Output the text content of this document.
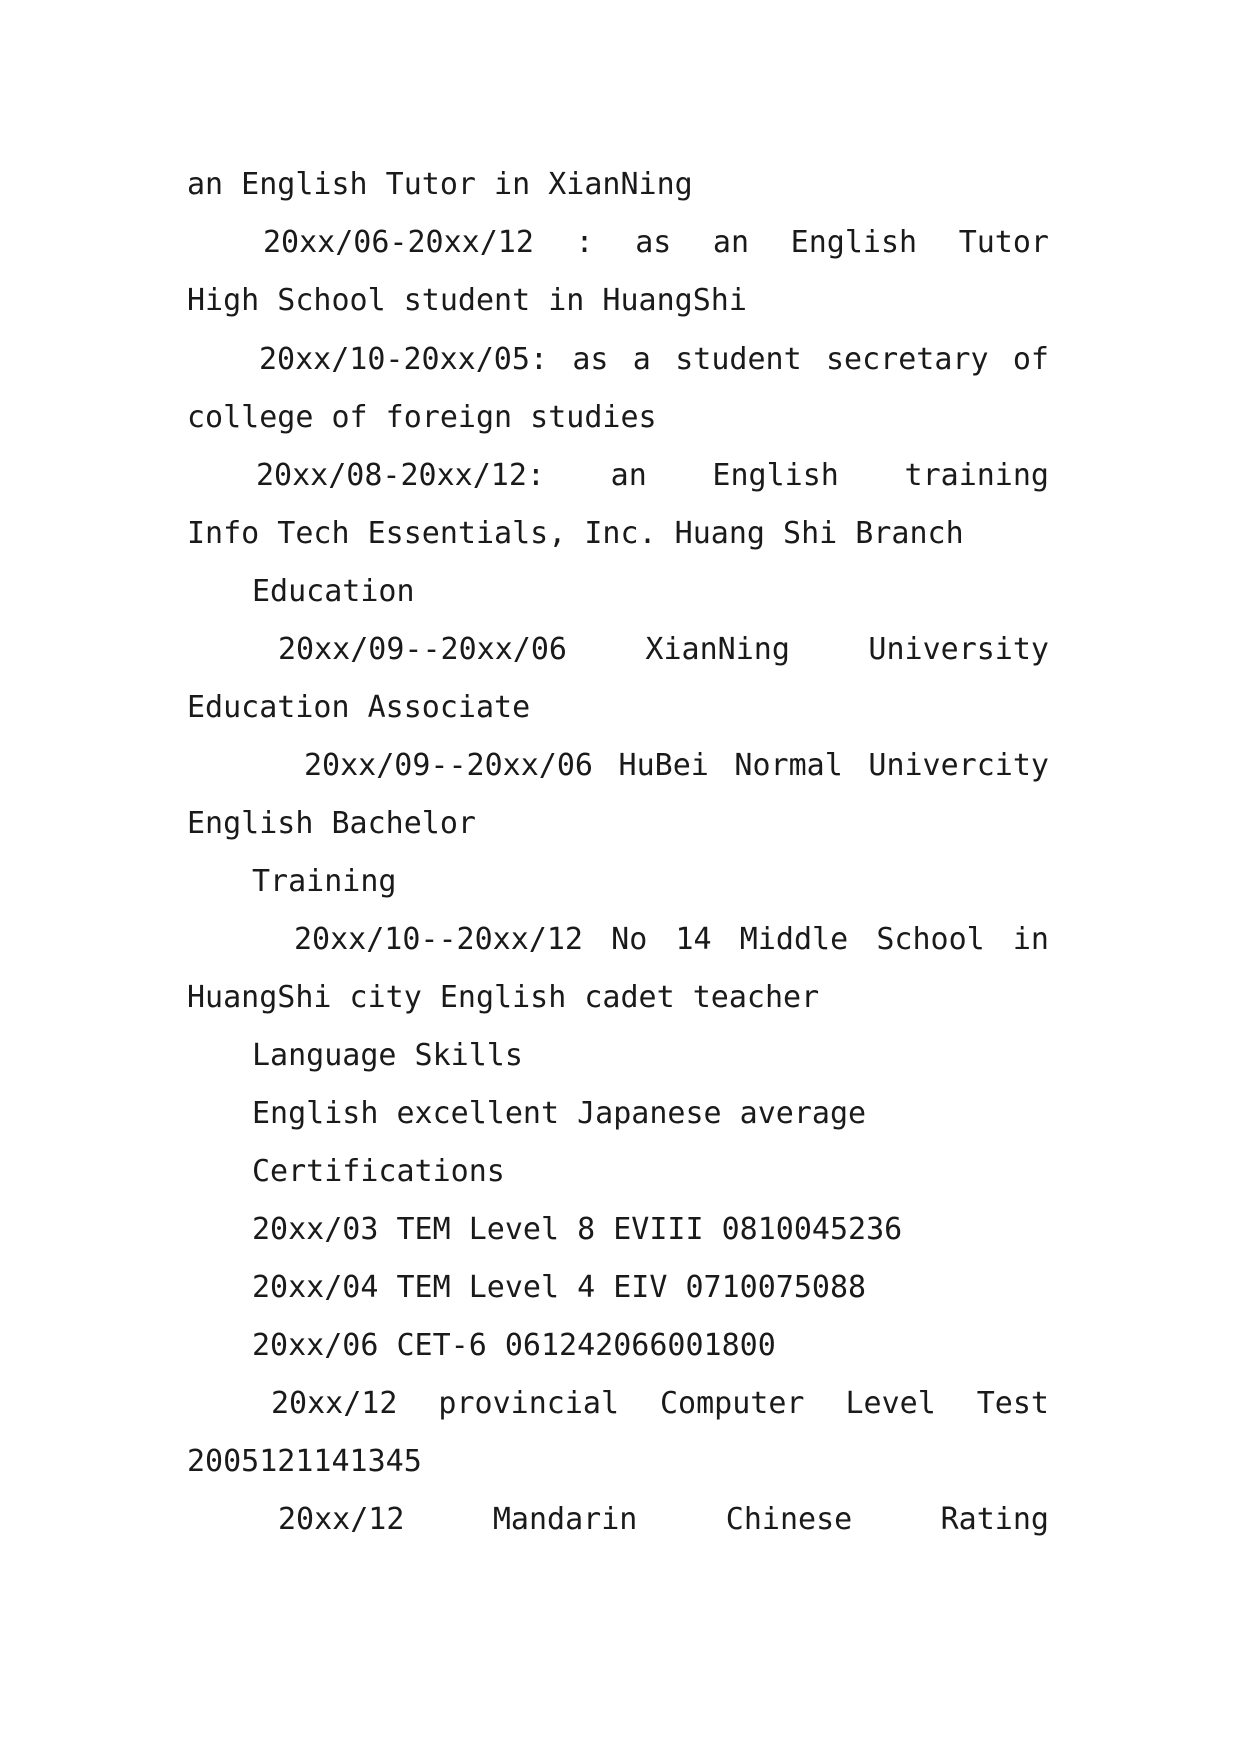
an English Tutor in XianNing
20xx/06-20xx/12 : as an English Tutor
High School student in HuangShi
20xx/10-20xx/05: as a student secretary of
college of foreign studies
20xx/08-20xx/12: an English training
Info Tech Essentials, Inc. Huang Shi Branch
Education
20xx/09--20xx/06 XianNing University
Education Associate
20xx/09--20xx/06 HuBei Normal Univercity
English Bachelor
Training
20xx/10--20xx/12 No 14 Middle School in
HuangShi city English cadet teacher
Language Skills
English excellent Japanese average
Certifications
20xx/03 TEM Level 8 EVIII 0810045236
20xx/04 TEM Level 4 EIV 0710075088
20xx/06 CET-6 061242066001800
20xx/12 provincial Computer Level Test
2005121141345
20xx/12 Mandarin Chinese Rating
